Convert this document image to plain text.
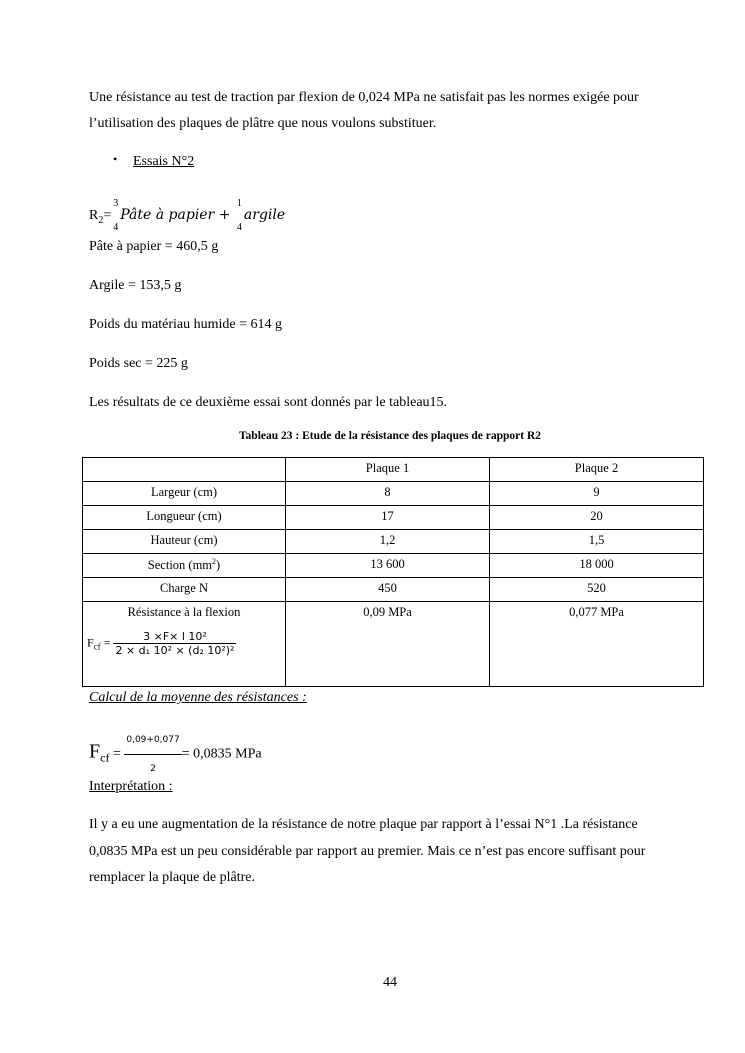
Une résistance au test de traction par flexion de 0,024 MPa ne satisfait pas les normes exigée pour
l’utilisation des plaques de plâtre que nous voulons substituer.
• Essais N°2
$R_2=$
3
4
Pâte à papier +
1
4
argile
Pâte à papier = 460,5 g
Argile = 153,5 g
Poids du matériau humide = 614 g
Poids sec = 225 g
Les résultats de ce deuxième essai sont donnés par le tableau15.
Tableau 23 : Etude de la résistance des plaques de rapport R2
	Plaque 1	Plaque 2
Largeur (cm)	8	9
Longueur (cm)	17	20
Hauteur (cm)	1,2	1,5
Section $(mm^2)$	13 600	18 000
Charge N	450	520

Résistance à la flexion
$F_{cf} = \frac{\text{3 ×F× l 10²}}{\text{2 × d₁ 10² × (d₂ 10²)²}}$	0,09 MPa	0,077 MPa
Calcul de la moyenne des résistances :
$F_{cf} = \frac{0,09+0,077}{2} = 0,0835$ MPa
Interprétation :
Il y a eu une augmentation de la résistance de notre plaque par rapport à l’essai N°1 .La résistance
0,0835 MPa est un peu considérable par rapport au premier. Mais ce n’est pas encore suffisant pour
remplacer la plaque de plâtre.
44
